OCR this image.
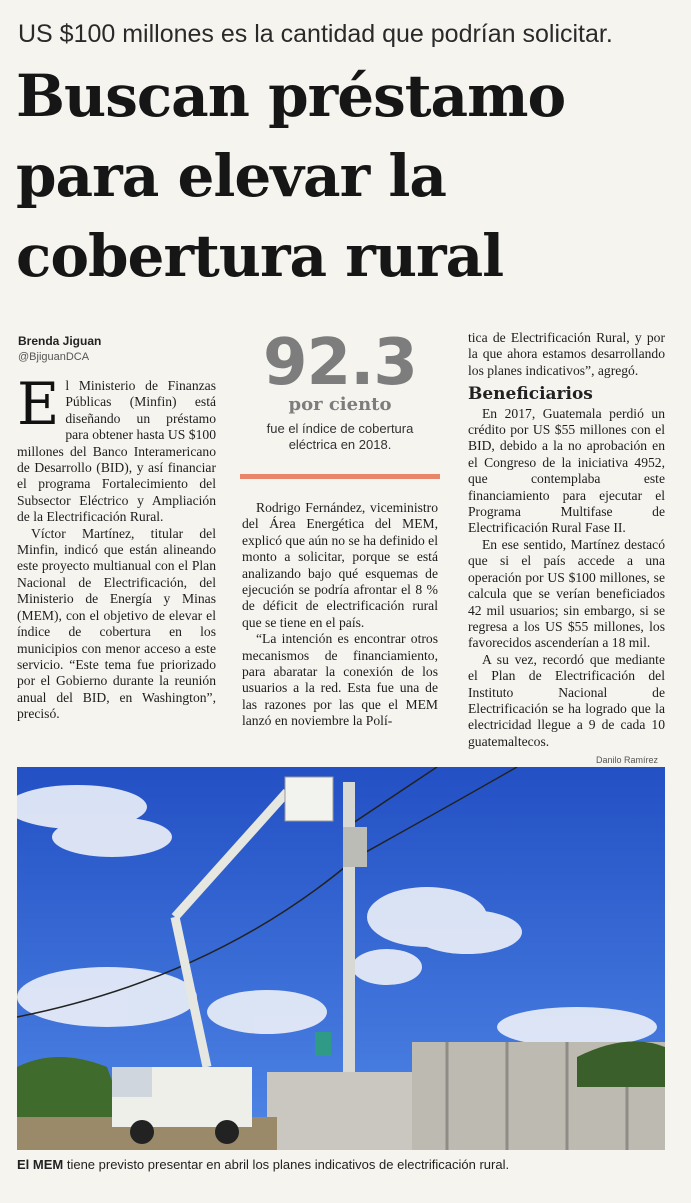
US $100 millones es la cantidad que podrían solicitar.
Buscan préstamo
para elevar la
cobertura rural
Brenda Jiguan
@BjiguanDCA

El Ministerio de Finanzas Públicas (Minfin) está diseñando un préstamo para obtener hasta US $100 millones del Banco Interamericano de Desarrollo (BID), y así financiar el programa Fortalecimiento del Subsector Eléctrico y Ampliación de la Electrificación Rural.

Víctor Martínez, titular del Minfin, indicó que están alineando este proyecto multianual con el Plan Nacional de Electrificación, del Ministerio de Energía y Minas (MEM), con el objetivo de elevar el índice de cobertura en los municipios con menor acceso a este servicio. “Este tema fue priorizado por el Gobierno durante la reunión anual del BID, en Washington”, precisó.

92.3
por ciento
fue el índice de cobertura eléctrica en 2018.

Rodrigo Fernández, viceministro del Área Energética del MEM, explicó que aún no se ha definido el monto a solicitar, porque se está analizando bajo qué esquemas de ejecución se podría afrontar el 8 % de déficit de electrificación rural que se tiene en el país.

“La intención es encontrar otros mecanismos de financiamiento, para abaratar la conexión de los usuarios a la red. Esta fue una de las razones por las que el MEM lanzó en noviembre la Polí-

tica de Electrificación Rural, y por la que ahora estamos desarrollando los planes indicativos”, agregó.

Beneficiarios

En 2017, Guatemala perdió un crédito por US $55 millones con el BID, debido a la no aprobación en el Congreso de la iniciativa 4952, que contemplaba este financiamiento para ejecutar el Programa Multifase de Electrificación Rural Fase II.

En ese sentido, Martínez destacó que si el país accede a una operación por US $100 millones, se calcula que se verían beneficiados 42 mil usuarios; sin embargo, si se regresa a los US $55 millones, los favorecidos ascenderían a 18 mil.

A su vez, recordó que mediante el Plan de Electrificación del Instituto Nacional de Electrificación se ha logrado que la electricidad llegue a 9 de cada 10 guatemaltecos.

Danilo Ramírez
El MEM tiene previsto presentar en abril los planes indicativos de electrificación rural.
